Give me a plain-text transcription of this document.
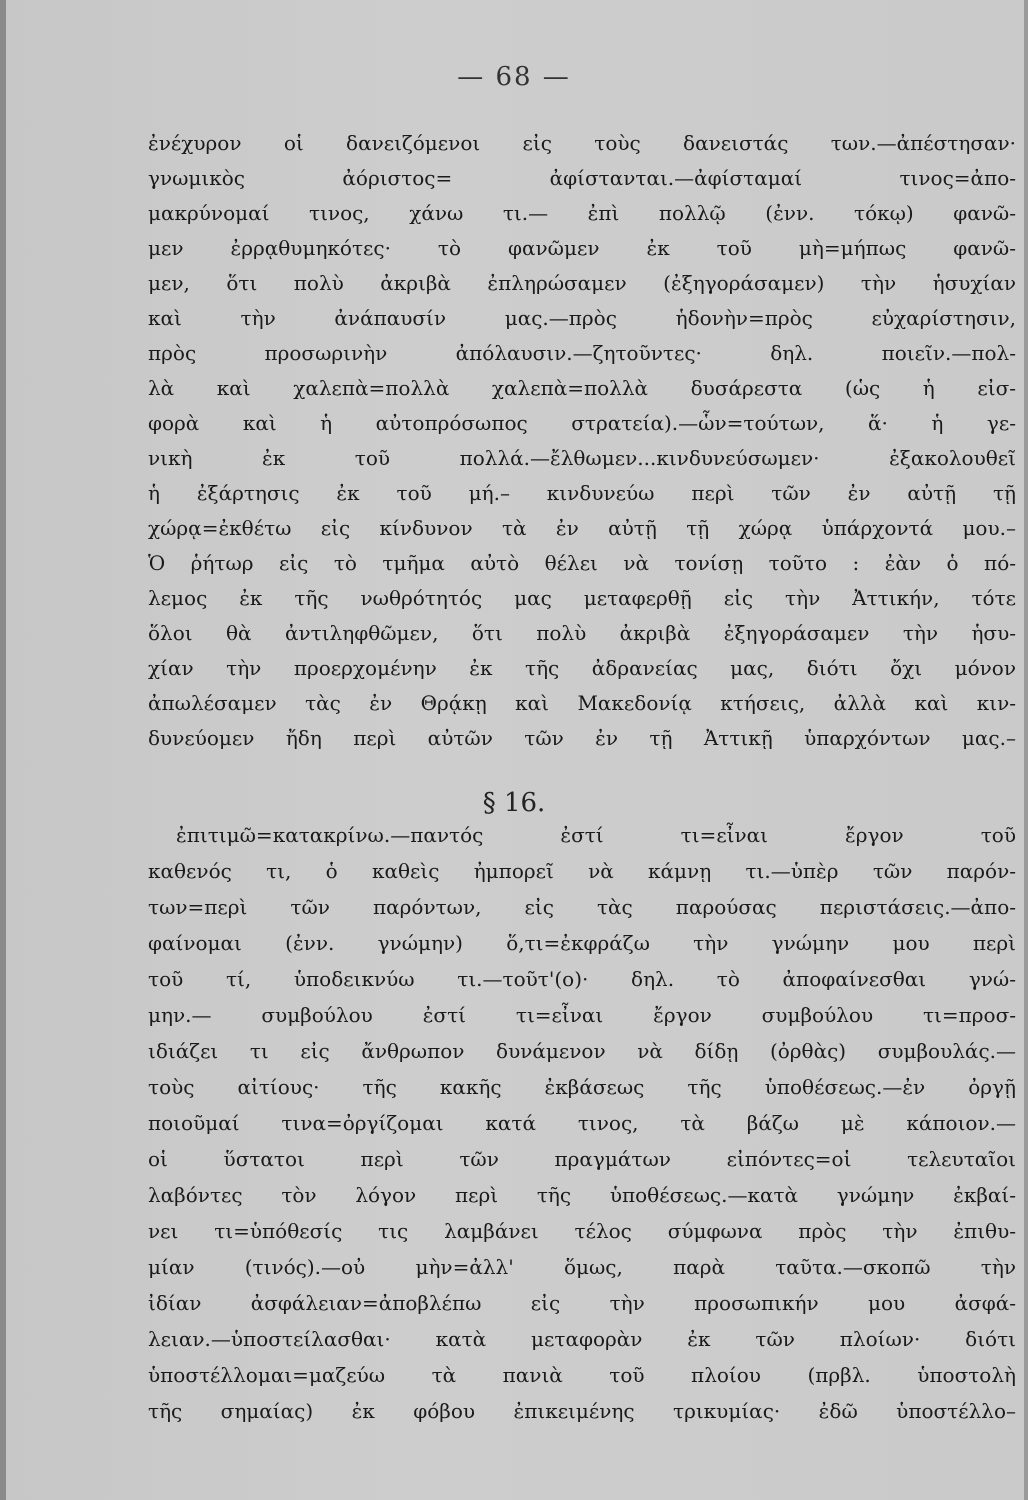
— 68 —
ἐνέχυρον οἱ δανειζόμενοι εἰς τοὺς δανειστάς των.—ἀπέστησαν·
γνωμικὸς ἀόριστος= ἀφίστανται.—ἀφίσταμαί τινος=ἀπο-
μακρύνομαί τινος, χάνω τι.— ἐπὶ πολλῷ (ἐνν. τόκῳ) φανῶ-
μεν ἐρρᾳθυμηκότες· τὸ φανῶμεν ἐκ τοῦ μὴ=μήπως φανῶ-
μεν, ὅτι πολὺ ἀκριβὰ ἐπληρώσαμεν (ἐξηγοράσαμεν) τὴν ἡσυχίαν
καὶ τὴν ἀνάπαυσίν μας.—πρὸς ἡδονὴν=πρὸς εὐχαρίστησιν,
πρὸς προσωρινὴν ἀπόλαυσιν.—ζητοῦντες· δηλ. ποιεῖν.—πολ-
λὰ καὶ χαλεπὰ=πολλὰ χαλεπὰ=πολλὰ δυσάρεστα (ὡς ἡ εἰσ-
φορὰ καὶ ἡ αὐτοπρόσωπος στρατεία).—ὧν=τούτων, ἅ· ἡ γε-
νικὴ ἐκ τοῦ πολλά.—ἔλθωμεν...κινδυνεύσωμεν· ἐξακολουθεῖ
ἡ ἐξάρτησις ἐκ τοῦ μή.– κινδυνεύω περὶ τῶν ἐν αὐτῇ τῇ
χώρᾳ=ἐκθέτω εἰς κίνδυνον τὰ ἐν αὐτῇ τῇ χώρᾳ ὑπάρχοντά μου.–
Ὁ ῥήτωρ εἰς τὸ τμῆμα αὐτὸ θέλει νὰ τονίσῃ τοῦτο : ἐὰν ὁ πό-
λεμος ἐκ τῆς νωθρότητός μας μεταφερθῇ εἰς τὴν Ἀττικήν, τότε
ὅλοι θὰ ἀντιληφθῶμεν, ὅτι πολὺ ἀκριβὰ ἐξηγοράσαμεν τὴν ἡσυ-
χίαν τὴν προερχομένην ἐκ τῆς ἀδρανείας μας, διότι ὄχι μόνον
ἀπωλέσαμεν τὰς ἐν Θρᾴκῃ καὶ Μακεδονίᾳ κτήσεις, ἀλλὰ καὶ κιν-
δυνεύομεν ἤδη περὶ αὐτῶν τῶν ἐν τῇ Ἀττικῇ ὑπαρχόντων μας.–
§ 16.
ἐπιτιμῶ=κατακρίνω.—παντός ἐστί τι=εἶναι ἔργον τοῦ
καθενός τι, ὁ καθεὶς ἠμπορεῖ νὰ κάμνῃ τι.—ὑπὲρ τῶν παρόν-
των=περὶ τῶν παρόντων, εἰς τὰς παρούσας περιστάσεις.—ἀπο-
φαίνομαι (ἐνν. γνώμην) ὅ,τι=ἐκφράζω τὴν γνώμην μου περὶ
τοῦ τί, ὑποδεικνύω τι.—τοῦτ'(ο)· δηλ. τὸ ἀποφαίνεσθαι γνώ-
μην.— συμβούλου ἐστί τι=εἶναι ἔργον συμβούλου τι=προσ-
ιδιάζει τι εἰς ἄνθρωπον δυνάμενον νὰ δίδῃ (ὀρθὰς) συμβουλάς.—
τοὺς αἰτίους· τῆς κακῆς ἐκβάσεως τῆς ὑποθέσεως.—ἐν ὀργῇ
ποιοῦμαί τινα=ὀργίζομαι κατά τινος, τὰ βάζω μὲ κάποιον.—
οἱ ὕστατοι περὶ τῶν πραγμάτων εἰπόντες=οἱ τελευταῖοι
λαβόντες τὸν λόγον περὶ τῆς ὑποθέσεως.—κατὰ γνώμην ἐκβαί-
νει τι=ὑπόθεσίς τις λαμβάνει τέλος σύμφωνα πρὸς τὴν ἐπιθυ-
μίαν (τινός).—οὐ μὴν=ἀλλ' ὅμως, παρὰ ταῦτα.—σκοπῶ τὴν
ἰδίαν ἀσφάλειαν=ἀποβλέπω εἰς τὴν προσωπικήν μου ἀσφά-
λειαν.—ὑποστείλασθαι· κατὰ μεταφορὰν ἐκ τῶν πλοίων· διότι
ὑποστέλλομαι=μαζεύω τὰ πανιὰ τοῦ πλοίου (πρβλ. ὑποστολὴ
τῆς σημαίας) ἐκ φόβου ἐπικειμένης τρικυμίας· ἐδῶ ὑποστέλλο–
